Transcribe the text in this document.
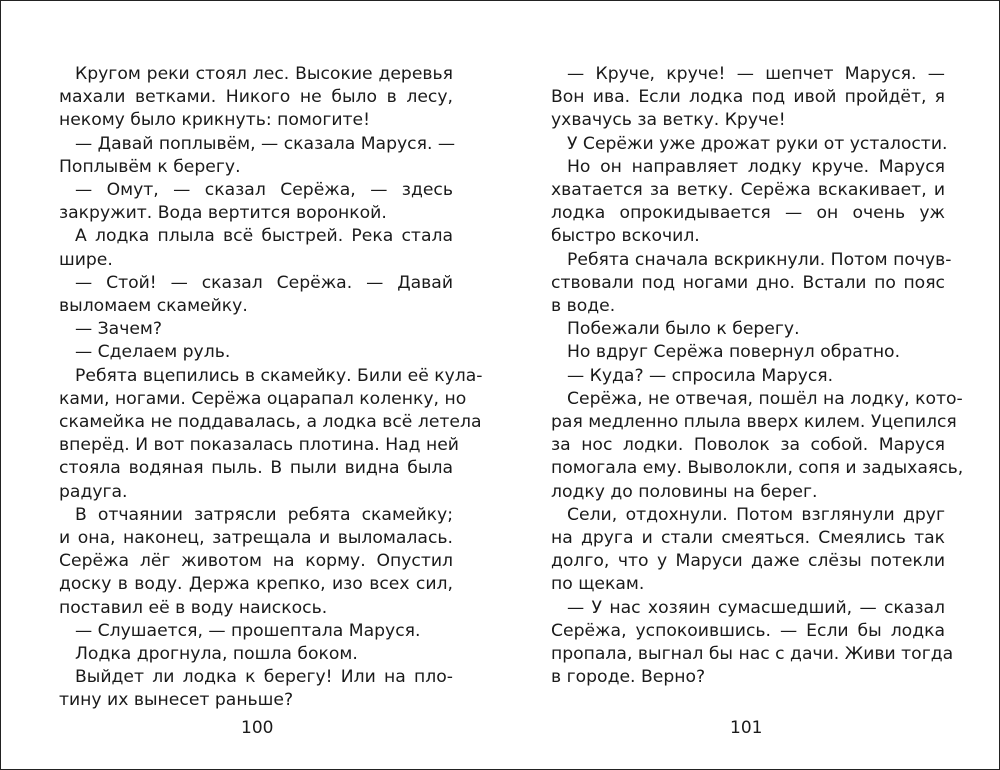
Кругом реки стоял лес. Высокие деревья
махали ветками. Никого не было в лесу,
некому было крикнуть: помогите!
— Давай поплывём, — сказала Маруся. —
Поплывём к берегу.
— Омут, — сказал Серёжа, — здесь
закружит. Вода вертится воронкой.
А лодка плыла всё быстрей. Река стала
шире.
— Стой! — сказал Серёжа. — Давай
выломаем скамейку.
— Зачем?
— Сделаем руль.
Ребята вцепились в скамейку. Били её кула-
ками, ногами. Серёжа оцарапал коленку, но
скамейка не поддавалась, а лодка всё летела
вперёд. И вот показалась плотина. Над ней
стояла водяная пыль. В пыли видна была
радуга.
В отчаянии затрясли ребята скамейку;
и она, наконец, затрещала и выломалась.
Серёжа лёг животом на корму. Опустил
доску в воду. Держа крепко, изо всех сил,
поставил её в воду наискось.
— Слушается, — прошептала Маруся.
Лодка дрогнула, пошла боком.
Выйдет ли лодка к берегу! Или на пло-
тину их вынесет раньше?
— Круче, круче! — шепчет Маруся. —
Вон ива. Если лодка под ивой пройдёт, я
ухвачусь за ветку. Круче!
У Серёжи уже дрожат руки от усталости.
Но он направляет лодку круче. Маруся
хватается за ветку. Серёжа вскакивает, и
лодка опрокидывается — он очень уж
быстро вскочил.
Ребята сначала вскрикнули. Потом почув-
ствовали под ногами дно. Встали по пояс
в воде.
Побежали было к берегу.
Но вдруг Серёжа повернул обратно.
— Куда? — спросила Маруся.
Серёжа, не отвечая, пошёл на лодку, кото-
рая медленно плыла вверх килем. Уцепился
за нос лодки. Поволок за собой. Маруся
помогала ему. Выволокли, сопя и задыхаясь,
лодку до половины на берег.
Сели, отдохнули. Потом взглянули друг
на друга и стали смеяться. Смеялись так
долго, что у Маруси даже слёзы потекли
по щекам.
— У нас хозяин сумасшедший, — сказал
Серёжа, успокоившись. — Если бы лодка
пропала, выгнал бы нас с дачи. Живи тогда
в городе. Верно?
100	101
